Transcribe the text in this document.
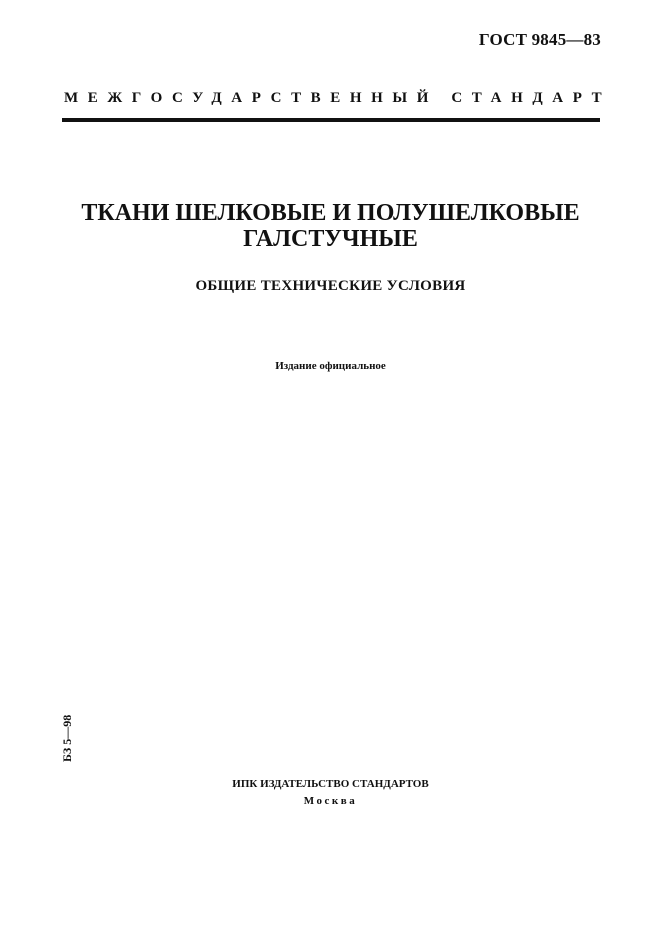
ГОСТ 9845—83
МЕЖГОСУДАРСТВЕННЫЙ СТАНДАРТ
ТКАНИ ШЕЛКОВЫЕ И ПОЛУШЕЛКОВЫЕ
ГАЛСТУЧНЫЕ
ОБЩИЕ ТЕХНИЧЕСКИЕ УСЛОВИЯ
Издание официальное
БЗ 5—98
ИПК ИЗДАТЕЛЬСТВО СТАНДАРТОВ
Москва
